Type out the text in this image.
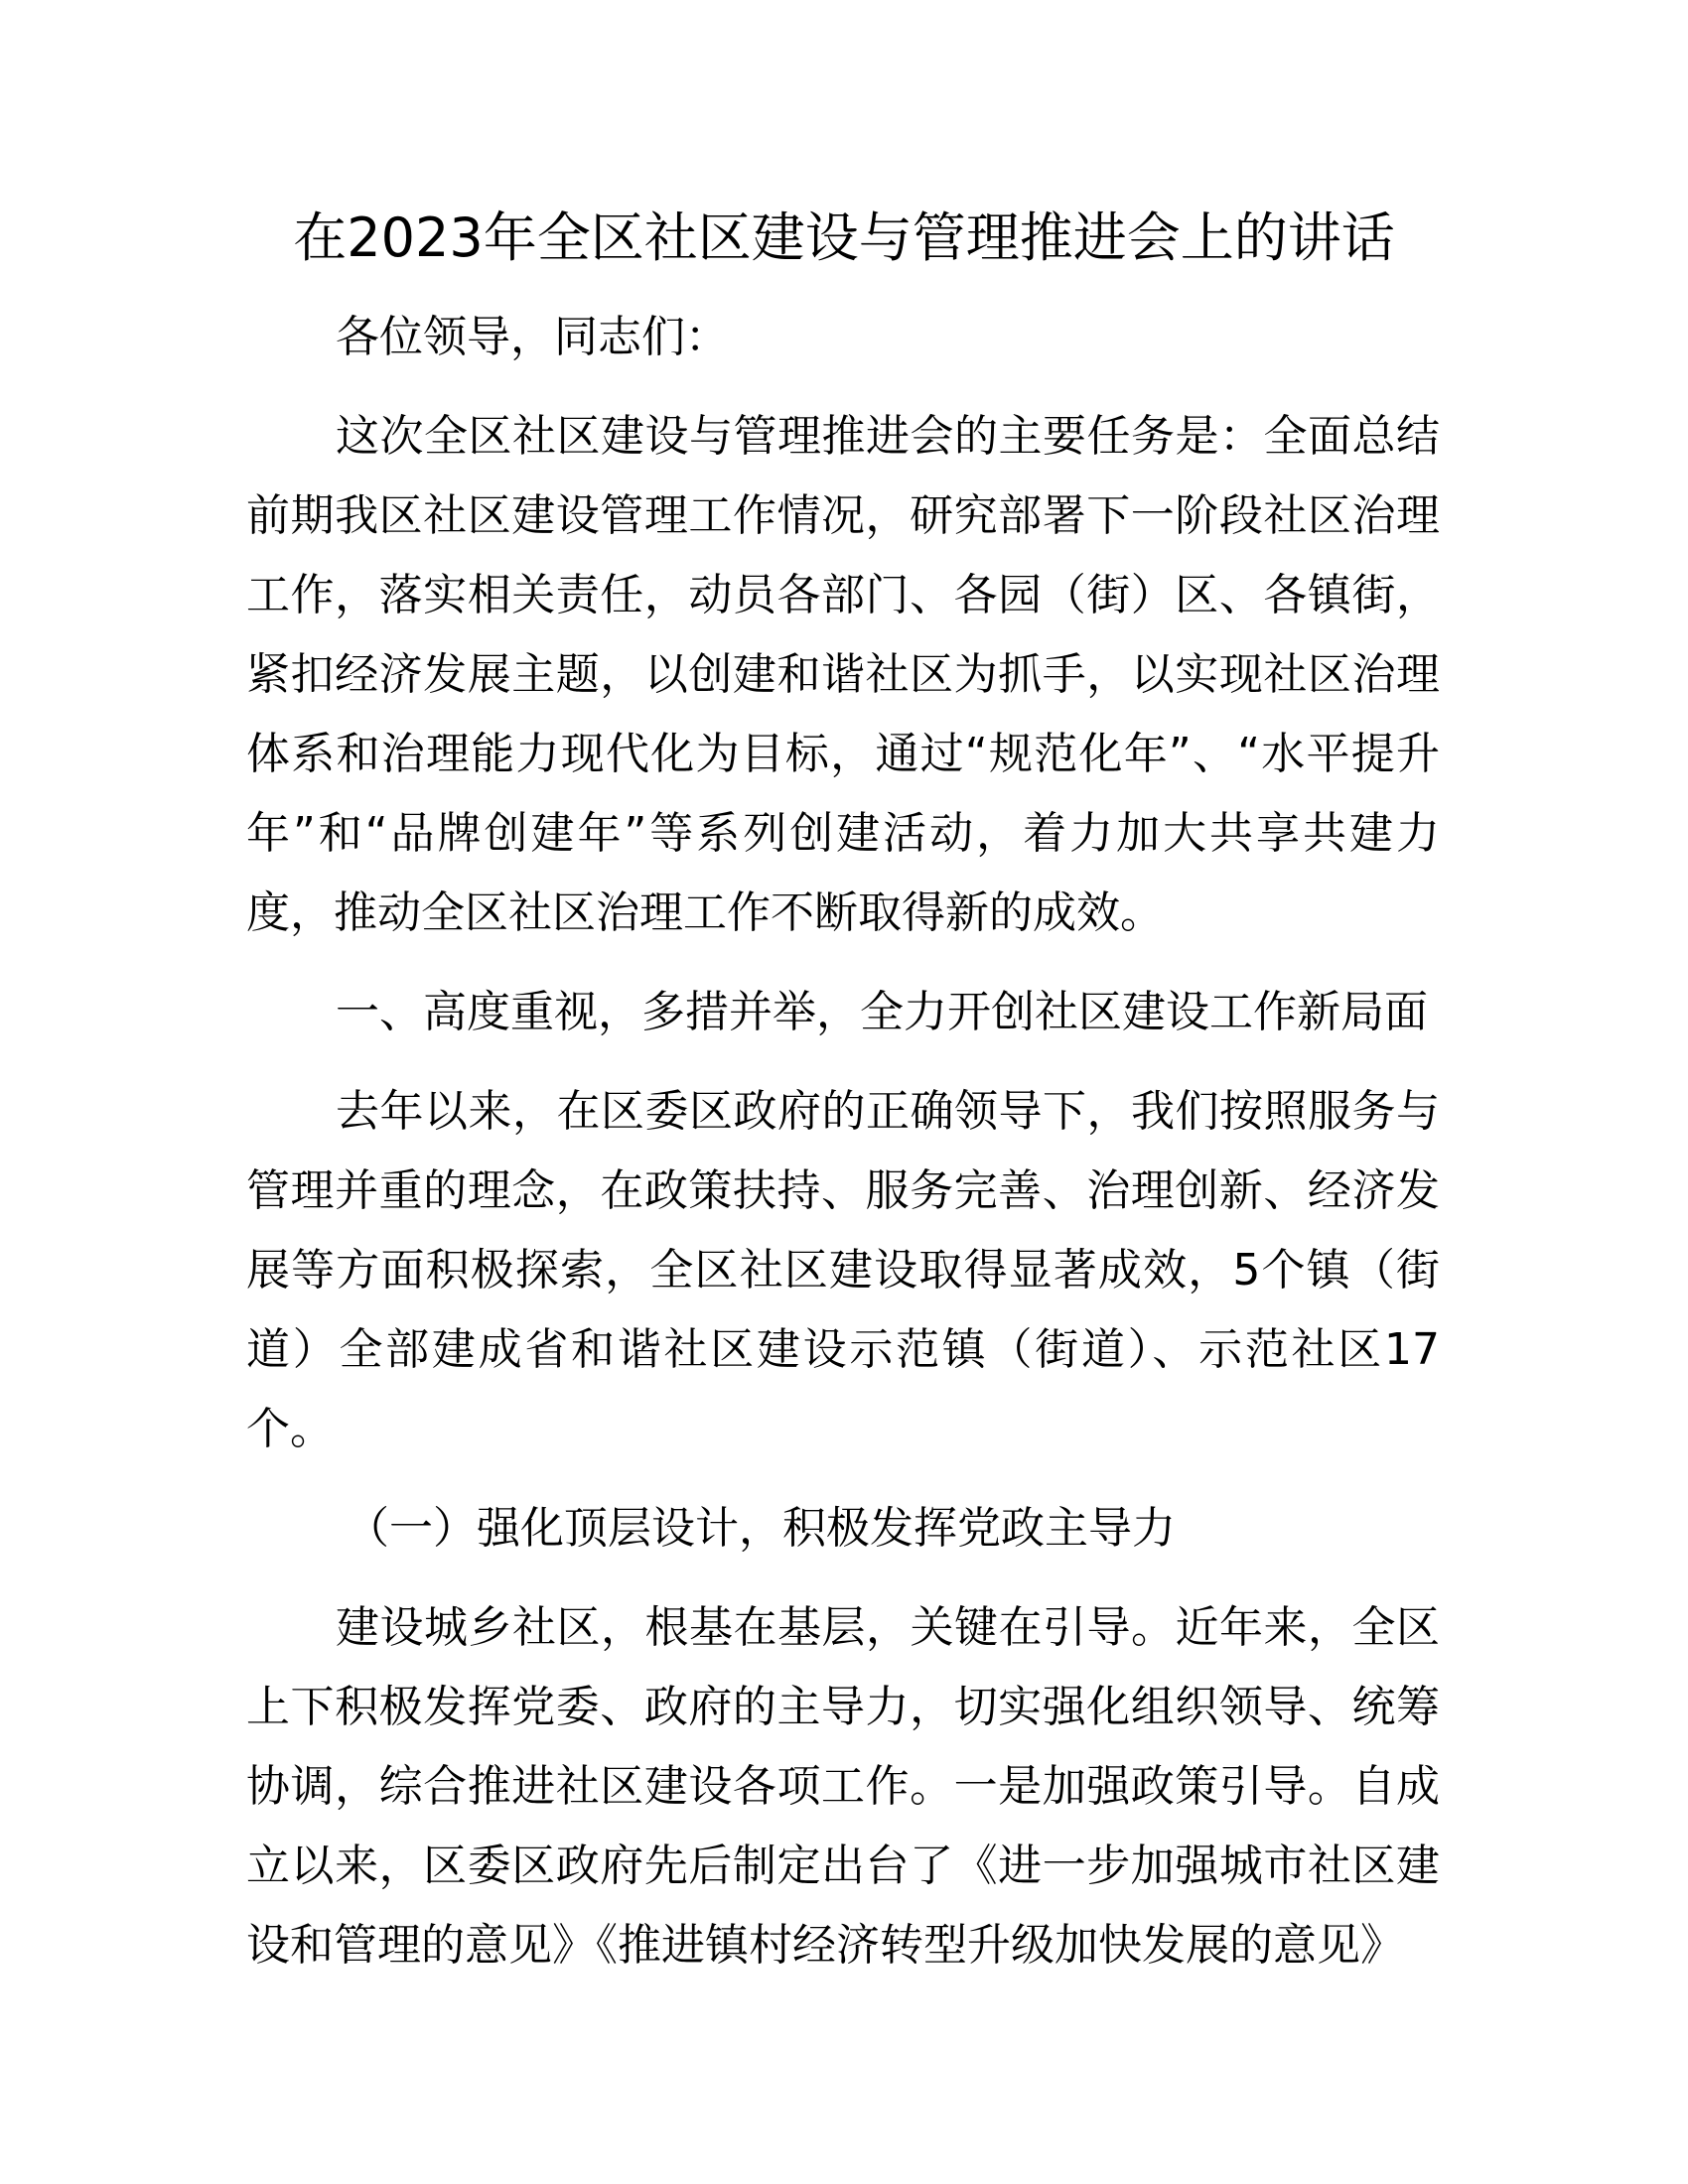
在2023年全区社区建设与管理推进会上的讲话

各位领导，同志们：

这次全区社区建设与管理推进会的主要任务是：全面总结前期我区社区建设管理工作情况，研究部署下一阶段社区治理工作，落实相关责任，动员各部门、各园（街）区、各镇街，紧扣经济发展主题，以创建和谐社区为抓手，以实现社区治理体系和治理能力现代化为目标，通过“规范化年”、“水平提升年”和“品牌创建年”等系列创建活动，着力加大共享共建力度，推动全区社区治理工作不断取得新的成效。

一、高度重视，多措并举，全力开创社区建设工作新局面

去年以来，在区委区政府的正确领导下，我们按照服务与管理并重的理念，在政策扶持、服务完善、治理创新、经济发展等方面积极探索，全区社区建设取得显著成效，5个镇（街道）全部建成省和谐社区建设示范镇（街道）、示范社区17个。

（一）强化顶层设计，积极发挥党政主导力

建设城乡社区，根基在基层，关键在引导。近年来，全区上下积极发挥党委、政府的主导力，切实强化组织领导、统筹协调，综合推进社区建设各项工作。一是加强政策引导。自成立以来，区委区政府先后制定出台了《进一步加强城市社区建设和管理的意见》《推进镇村经济转型升级加快发展的意见》
